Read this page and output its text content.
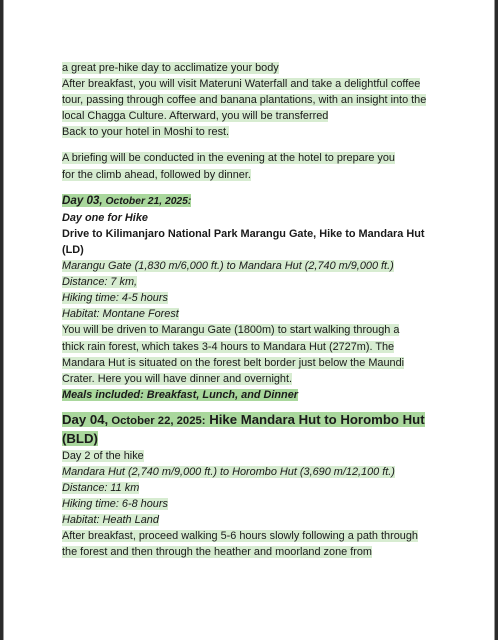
a great pre-hike day to acclimatize your body
After breakfast, you will visit Materuni Waterfall and take a delightful coffee
tour, passing through coffee and banana plantations, with an insight into the
local Chagga Culture. Afterward, you will be transferred
Back to your hotel in Moshi to rest.
A briefing will be conducted in the evening at the hotel to prepare you
for the climb ahead, followed by dinner.
Day 03, October 21, 2025:
Day one for Hike
Drive to Kilimanjaro National Park Marangu Gate, Hike to Mandara Hut
(LD)
Marangu Gate (1,830 m/6,000 ft.) to Mandara Hut (2,740 m/9,000 ft.)
Distance: 7 km,
Hiking time: 4-5 hours
Habitat: Montane Forest
You will be driven to Marangu Gate (1800m) to start walking through a
thick rain forest, which takes 3-4 hours to Mandara Hut (2727m). The
Mandara Hut is situated on the forest belt border just below the Maundi
Crater. Here you will have dinner and overnight.
Meals included: Breakfast, Lunch, and Dinner
Day 04, October 22, 2025: Hike Mandara Hut to Horombo Hut
(BLD)
Day 2 of the hike
Mandara Hut (2,740 m/9,000 ft.) to Horombo Hut (3,690 m/12,100 ft.)
Distance: 11 km
Hiking time: 6-8 hours
Habitat: Heath Land
After breakfast, proceed walking 5-6 hours slowly following a path through
the forest and then through the heather and moorland zone from
